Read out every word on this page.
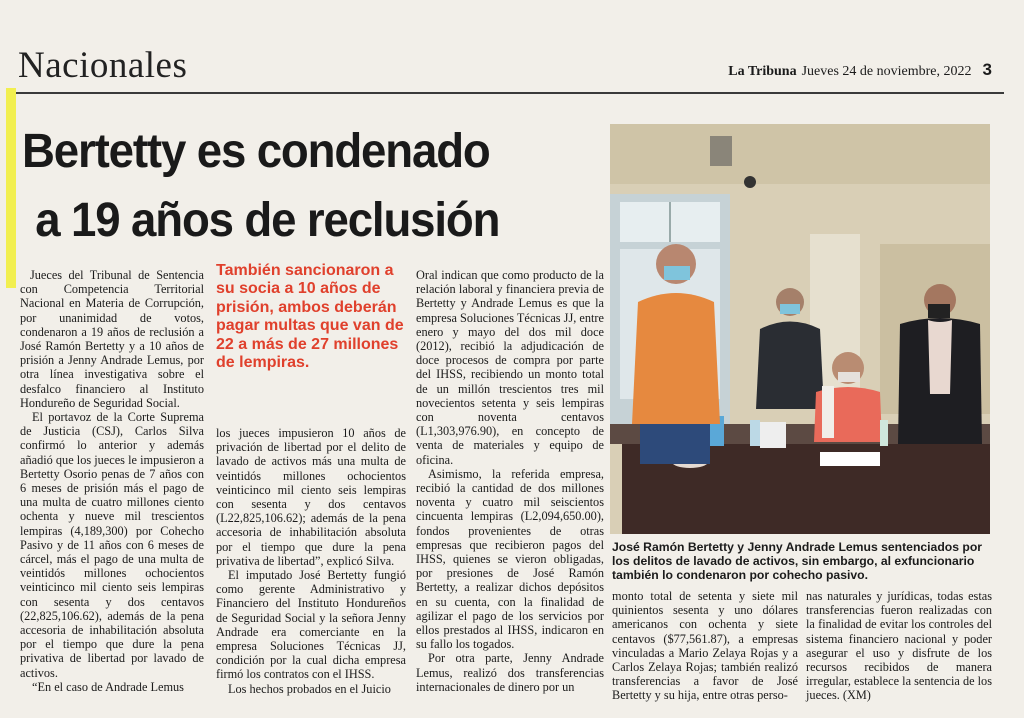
Nacionales	La Tribuna Jueves 24 de noviembre, 2022 3
Bertetty es condenado
a 19 años de reclusión

Jueces del Tribunal de Sentencia con Competencia Territorial Nacional en Materia de Corrupción, por unanimidad de votos, condenaron a 19 años de reclusión a José Ramón Bertetty y a 10 años de prisión a Jenny Andrade Lemus, por otra línea investigativa sobre el desfalco financiero al Instituto Hondureño de Seguridad Social.

El portavoz de la Corte Suprema de Justicia (CSJ), Carlos Silva confirmó lo anterior y además añadió que los jueces le impusieron a Bertetty Osorio penas de 7 años con 6 meses de prisión más el pago de una multa de cuatro millones ciento ochenta y nueve mil trescientos lempiras (4,189,300) por Cohecho Pasivo y de 11 años con 6 meses de cárcel, más el pago de una multa de veintidós millones ochocientos veinticinco mil ciento seis lempiras con sesenta y dos centavos (22,825,106.62), además de la pena accesoria de inhabilitación absoluta por el tiempo que dure la pena privativa de libertad por lavado de activos.

“En el caso de Andrade Lemus

También sancionaron a su socia a 10 años de prisión, ambos deberán pagar multas que van de 22 a más de 27 millones de lempiras.

los jueces impusieron 10 años de privación de libertad por el delito de lavado de activos más una multa de veintidós millones ochocientos veinticinco mil ciento seis lempiras con sesenta y dos centavos (L22,825,106.62); además de la pena accesoria de inhabilitación absoluta por el tiempo que dure la pena privativa de libertad”, explicó Silva.

El imputado José Bertetty fungió como gerente Administrativo y Financiero del Instituto Hondureños de Seguridad Social y la señora Jenny Andrade era comerciante en la empresa Soluciones Técnicas JJ, condición por la cual dicha empresa firmó los contratos con el IHSS.

Los hechos probados en el Juicio

Oral indican que como producto de la relación laboral y financiera previa de Bertetty y Andrade Lemus es que la empresa Soluciones Técnicas JJ, entre enero y mayo del dos mil doce (2012), recibió la adjudicación de doce procesos de compra por parte del IHSS, recibiendo un monto total de un millón trescientos tres mil novecientos setenta y seis lempiras con noventa centavos (L1,303,976.90), en concepto de venta de materiales y equipo de oficina.

Asimismo, la referida empresa, recibió la cantidad de dos millones noventa y cuatro mil seiscientos cincuenta lempiras (L2,094,650.00), fondos provenientes de otras empresas que recibieron pagos del IHSS, quienes se vieron obligadas, por presiones de José Ramón Bertetty, a realizar dichos depósitos en su cuenta, con la finalidad de agilizar el pago de los servicios por ellos prestados al IHSS, indicaron en su fallo los togados.

Por otra parte, Jenny Andrade Lemus, realizó dos transferencias internacionales de dinero por un

José Ramón Bertetty y Jenny Andrade Lemus sentenciados por los delitos de lavado de activos, sin embargo, al exfuncionario también lo condenaron por cohecho pasivo.

monto total de setenta y siete mil quinientos sesenta y uno dólares americanos con ochenta y siete centavos ($77,561.87), a empresas vinculadas a Mario Zelaya Rojas y a Carlos Zelaya Rojas; también realizó transferencias a favor de José Bertetty y su hija, entre otras perso-

nas naturales y jurídicas, todas estas transferencias fueron realizadas con la finalidad de evitar los controles del sistema financiero nacional y poder asegurar el uso y disfrute de los recursos recibidos de manera irregular, establece la sentencia de los jueces. (XM)
